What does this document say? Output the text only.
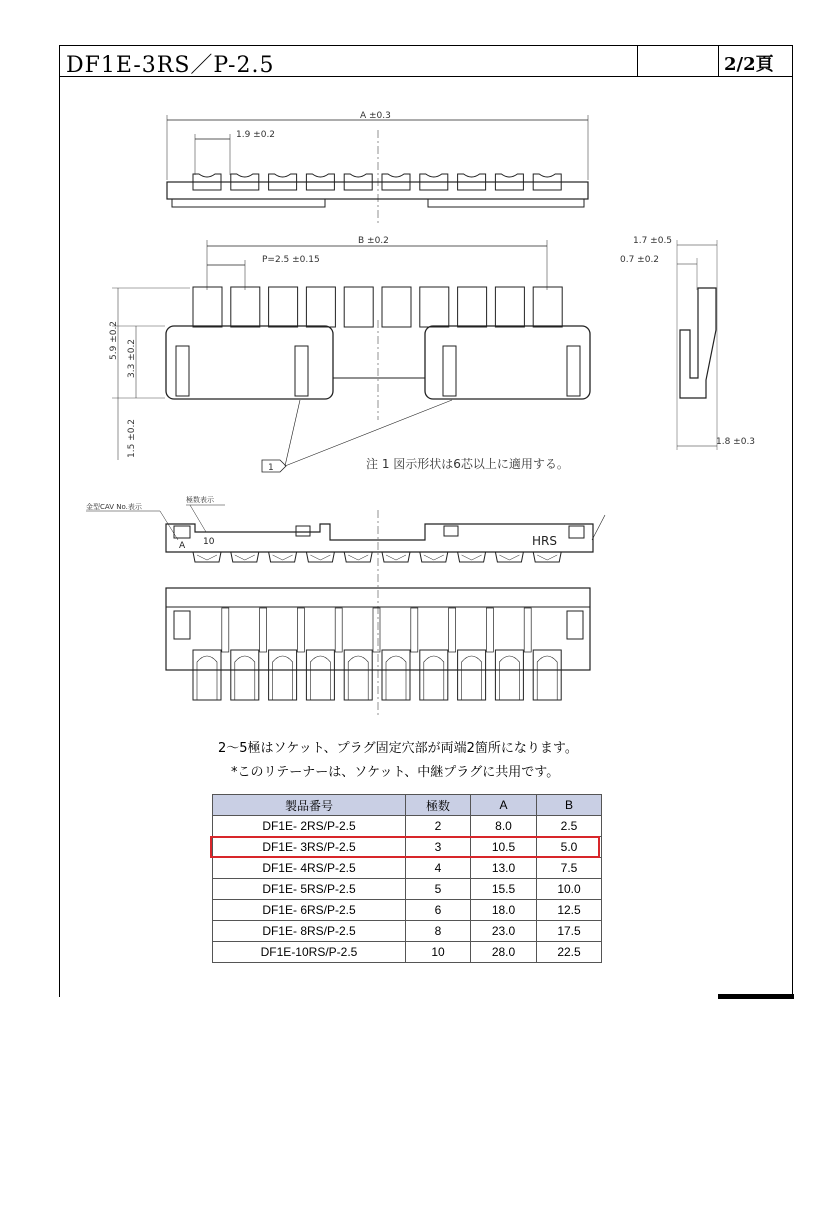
DF1E-3RS／P-2.5	2/2頁
A ±0.3
1.9 ±0.2
B ±0.2
P=2.5 ±0.15
5.9 ±0.2 3.3 ±0.2
1.5 ±0.2
1	注 1 図示形状は6芯以上に適用する。
1.7 ±0.5
0.7 ±0.2
1.8 ±0.3
金型CAV No.表示
極数表示
10
A	HRS
2～5極はソケット、プラグ固定穴部が両端2箇所になります。
*このリテーナーは、ソケット、中継プラグに共用です。
製品番号	極数	A	B
DF1E- 2RS/P-2.5	2	8.0	2.5
DF1E- 3RS/P-2.5	3	10.5	5.0
DF1E- 4RS/P-2.5	4	13.0	7.5
DF1E- 5RS/P-2.5	5	15.5	10.0
DF1E- 6RS/P-2.5	6	18.0	12.5
DF1E- 8RS/P-2.5	8	23.0	17.5
DF1E-10RS/P-2.5	10	28.0	22.5
